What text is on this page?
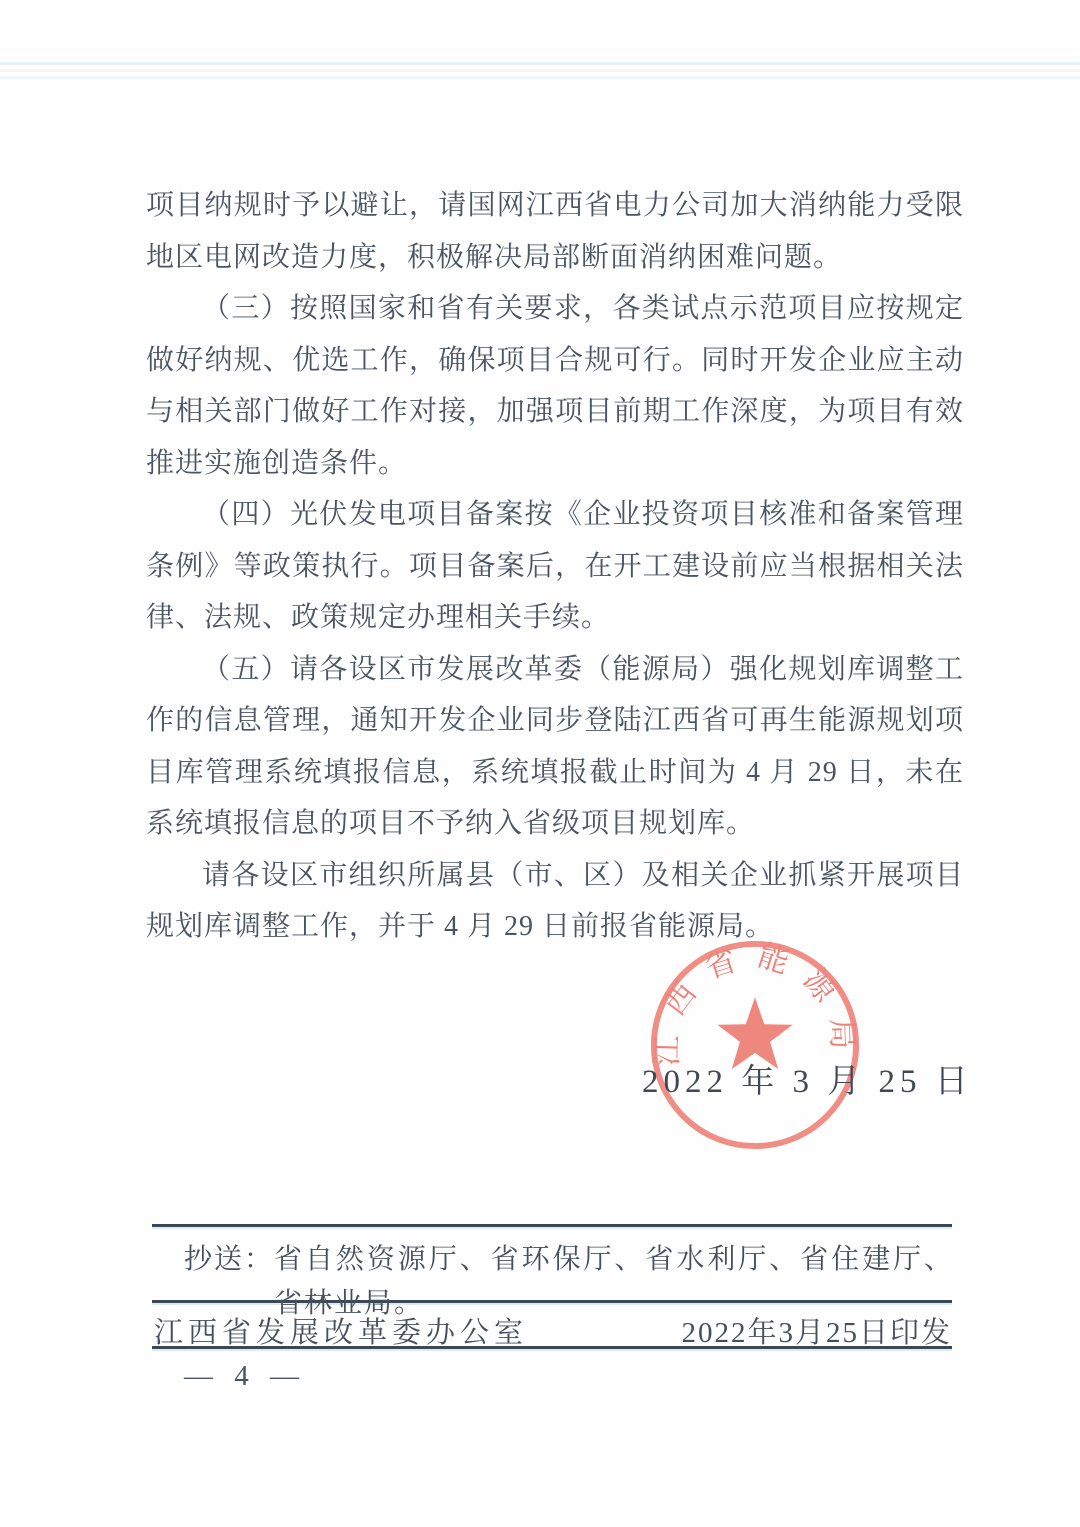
项目纳规时予以避让，请国网江西省电力公司加大消纳能力受限地区电网改造力度，积极解决局部断面消纳困难问题。

（三）按照国家和省有关要求，各类试点示范项目应按规定做好纳规、优选工作，确保项目合规可行。同时开发企业应主动与相关部门做好工作对接，加强项目前期工作深度，为项目有效推进实施创造条件。

（四）光伏发电项目备案按《企业投资项目核准和备案管理条例》等政策执行。项目备案后，在开工建设前应当根据相关法律、法规、政策规定办理相关手续。

（五）请各设区市发展改革委（能源局）强化规划库调整工作的信息管理，通知开发企业同步登陆江西省可再生能源规划项目库管理系统填报信息，系统填报截止时间为 4 月 29 日，未在系统填报信息的项目不予纳入省级项目规划库。

请各设区市组织所属县（市、区）及相关企业抓紧开展项目规划库调整工作，并于 4 月 29 日前报省能源局。

江西省能源局
2022 年 3 月 25 日
抄送： 省自然资源厅、省环保厅、省水利厅、省住建厅、省林业局。
江西省发展改革委办公室	2022年3月25日印发
— 4 —
